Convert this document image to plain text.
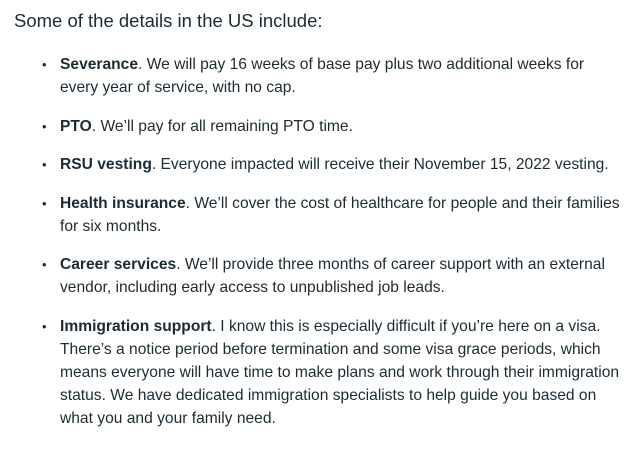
Some of the details in the US include:

• Severance. We will pay 16 weeks of base pay plus two additional weeks for every year of service, with no cap.
• PTO. We’ll pay for all remaining PTO time.
• RSU vesting. Everyone impacted will receive their November 15, 2022 vesting.
• Health insurance. We’ll cover the cost of healthcare for people and their families for six months.
• Career services. We’ll provide three months of career support with an external vendor, including early access to unpublished job leads.
• Immigration support. I know this is especially difficult if you’re here on a visa. There’s a notice period before termination and some visa grace periods, which means everyone will have time to make plans and work through their immigration status. We have dedicated immigration specialists to help guide you based on what you and your family need.
